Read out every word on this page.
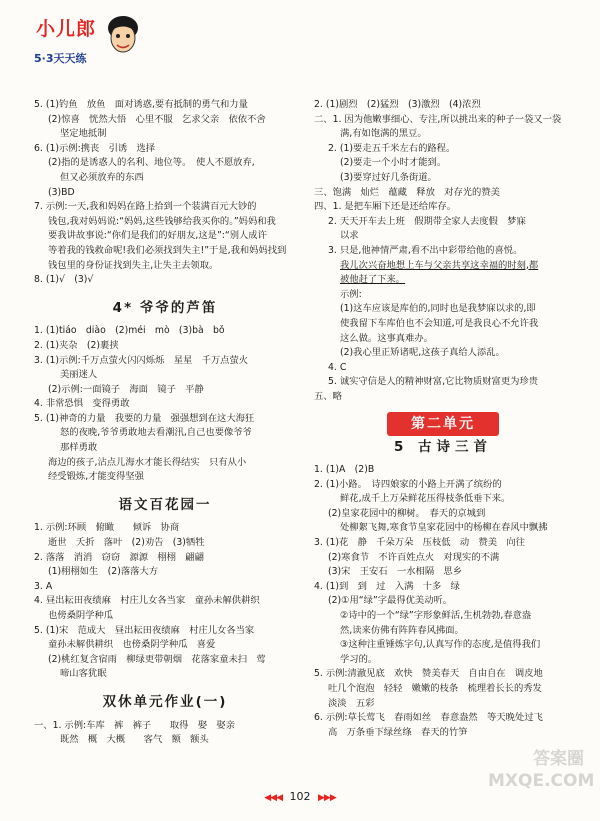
小儿郎
5·3天天练
5. (1)钓鱼　放鱼　面对诱惑,要有抵制的勇气和力量
(2)惊喜　恍然大悟　心里不服　乞求父亲　依依不舍
坚定地抵制
6. (1)示例:携丧　引诱　选择
(2)指的是诱惑人的名利、地位等。　使人不愿放弃,
但又必须放弃的东西
(3)BD
7. 示例:一天,我和妈妈在路上拾到一个装满百元大钞的
钱包,我对妈妈说:“妈妈,这些钱够给我买你的。”妈妈和我
要我讲故事说:“你们是我们的好朋友,这是”:“别人成许
等着我的钱救命呢!我们必须找到失主!”于是,我和妈妈找到
钱包里的身份证找到失主,让失主去领取。
8. (1)√　(3)√
4* 爷爷的芦笛
1. (1)tiáo　diào　(2)méi　mò　(3)bà　bǒ
2. (1)夹杂　(2)裹挟
3. (1)示例:千万点萤火闪闪烁烁　星星　千万点萤火
美丽迷人
(2)示例:一面镜子　海面　镜子　平静
4. 非常恐惧　变得勇敢
5. (1)神奇的力量　我要的力量　强强想到在这大海狂
怒的夜晚,爷爷勇敢地去看潮汛,自己也要像爷爷
那样勇敢
海边的孩子,沾点儿海水才能长得结实　只有从小
经受锻炼,才能变得坚强
语文百花园一
1. 示例:环顾　俯瞰　　倾诉　协商
逝世　夭折　落叶　(2)劝告　(3)牺牲
2. 落落　消消　窃窃　源源　栩栩　翩翩
(1)栩栩如生　(2)落落大方
3. A
4. 昼出耘田夜绩麻　村庄儿女各当家　童孙未解供耕织
也傍桑阴学种瓜
5. (1)宋　范成大　昼出耘田夜绩麻　村庄儿女各当家
童孙未解供耕织　也傍桑阴学种瓜　喜爱
(2)桃红复含宿雨　柳绿更带朝烟　花落家童未扫　莺
啼山客犹眠
双休单元作业(一)
一、1. 示例:车库　裤　裤子　　取得　娶　娶亲
既然　概　大概　　客气　额　额头
2. (1)剧烈　(2)猛烈　(3)激烈　(4)浓烈
二、1. 因为他嫩事细心、专注,所以挑出来的种子一袋又一袋
满,有如饱满的黑豆。
2. (1)要走五千米左右的路程。
(2)要走一个小时才能到。
(3)要穿过好几条街道。
三、饱满　灿烂　蕴藏　释放　对存光的赞美
四、1. 是把车厢下还是还给库存。
2. 天天开车去上班　假期带全家人去度假　梦寐
以求
3. 只是,他神情严肃,看不出中彩带给他的喜悦。
我儿次兴奋地想上车与父亲共享这幸福的时刻,都
被他赶了下来。
示例:
(1)这车应该是库伯的,同时也是我梦寐以求的,即
使我留下车库伯也不会知道,可是我良心不允许我
这么做。这事真难办。
(2)我心里正矫诸呢,这孩子真给人添乱。
4. C
5. 诚实守信是人的精神财富,它比物质财富更为珍贵
五、略
第二单元
5 古诗三首
1. (1)A　(2)B
2. (1)小路。　诗四娘家的小路上开满了缤纷的
鲜花,成千上万朵鲜花压得枝条低垂下来。
(2)皇家花园中的柳树。　春天的京城到
处柳絮飞舞,寒食节皇家花园中的杨柳在春风中飘拂
3. (1)花　静　千朵万朵　压枝低　动　赞美　向往
(2)寒食节　不许百姓点火　对现实的不满
(3)宋　王安石　一水相隔　思乡
4. (1)到　到　过　入满　十多　绿
(2)①用“绿”字最得优美动听。
②诗中的一个“绿”字形象鲜活,生机勃勃,春意盎
然,读来仿佛有阵阵春风拂面。
③这种注重锤炼字句,认真写作的态度,是值得我们
学习的。
5. 示例:清澈见底　欢快　赞美春天　自由自在　调皮地
吐几个泡泡　轻轻　嫩嫩的枝条　梳理着长长的秀发
淡淡　五彩
6. 示例:草长莺飞　春雨如丝　春意盎然　等天晚处过飞
高　万条垂下绿丝绦　春天的竹笋
答案圈
MXQE.COM
◀◀◀ 102 ▶▶▶
